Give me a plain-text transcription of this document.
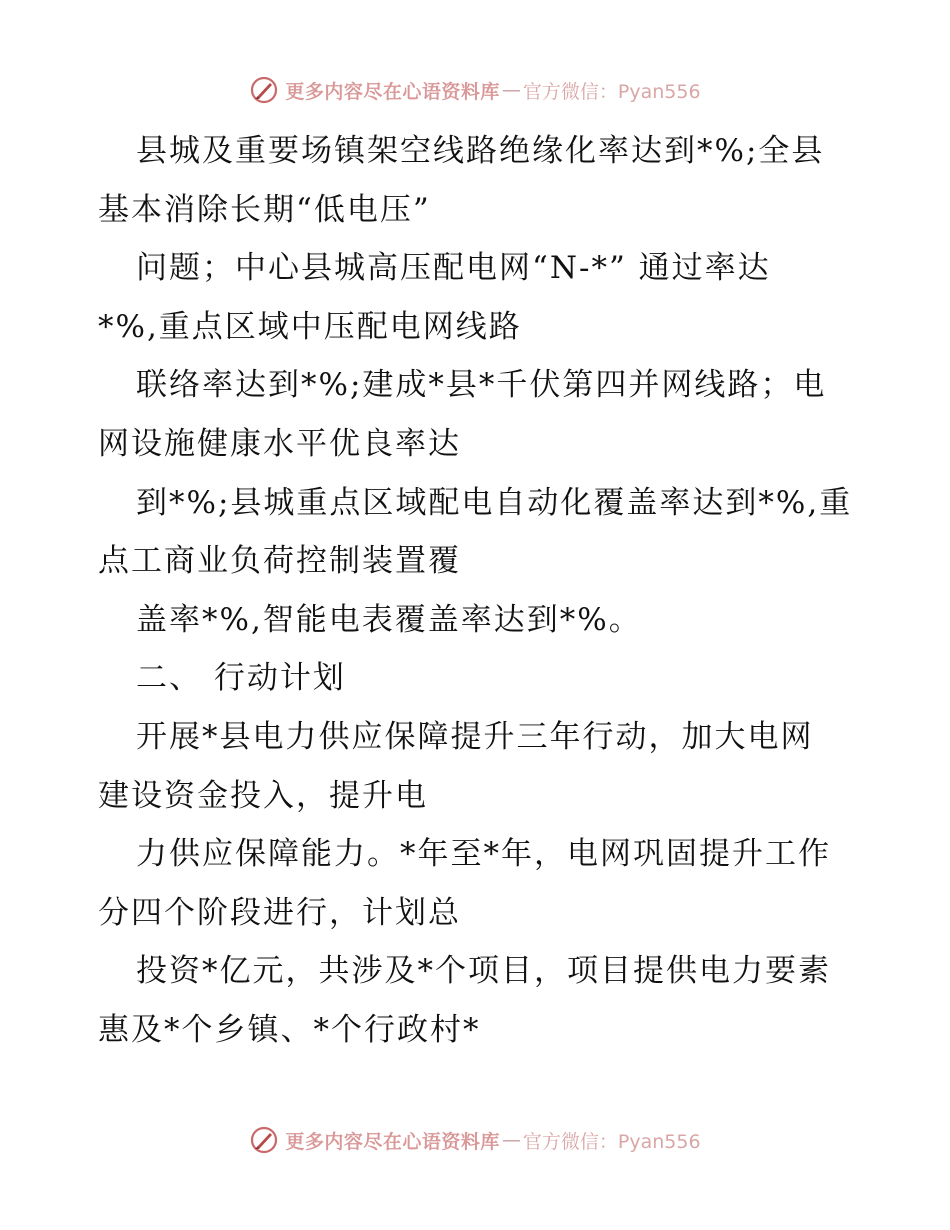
更多内容尽在心语资料库 — 官方微信：Pyan556
县城及重要场镇架空线路绝缘化率达到*%;全县
基本消除长期“低电压”
问题；中心县城高压配电网“N-*” 通过率达
*%,重点区域中压配电网线路
联络率达到*%;建成*县*千伏第四并网线路；电
网设施健康水平优良率达
到*%;县城重点区域配电自动化覆盖率达到*%,重
点工商业负荷控制装置覆
盖率*%,智能电表覆盖率达到*%。
二、 行动计划
开展*县电力供应保障提升三年行动，加大电网
建设资金投入，提升电
力供应保障能力。*年至*年，电网巩固提升工作
分四个阶段进行，计划总
投资*亿元，共涉及*个项目，项目提供电力要素
惠及*个乡镇、*个行政村*
更多内容尽在心语资料库 — 官方微信：Pyan556
